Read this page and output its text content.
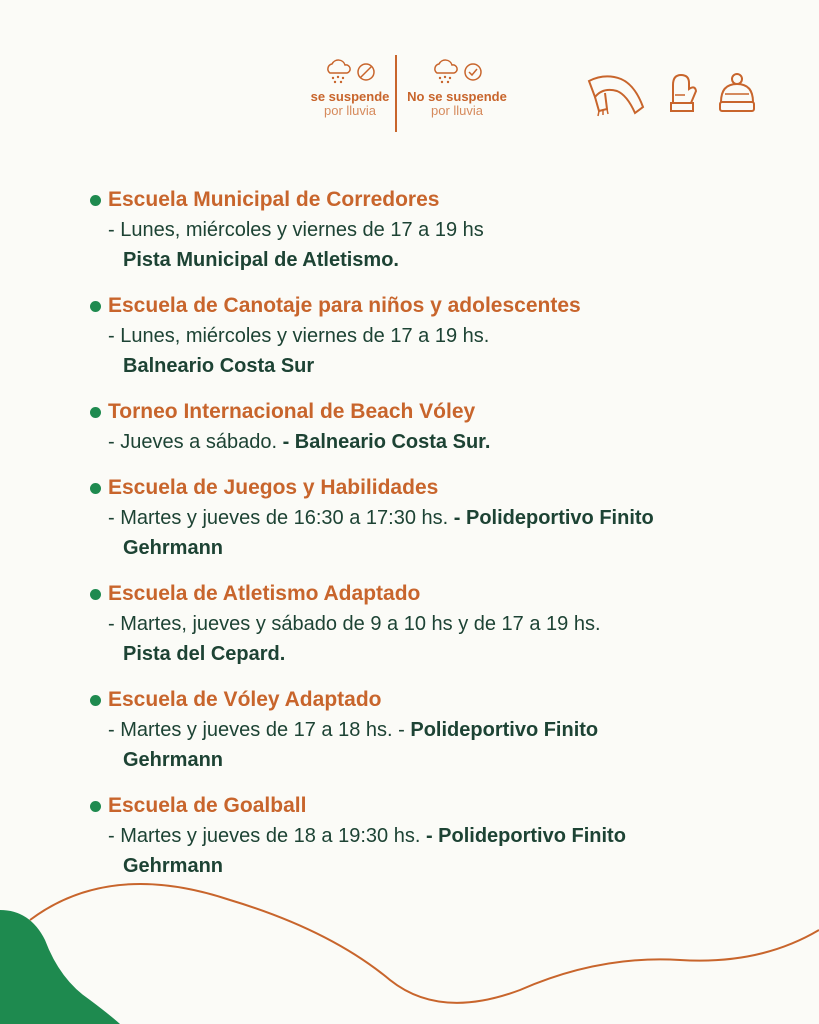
se suspende
por lluvia
No se suspende
por lluvia
Escuela Municipal de Corredores
- Lunes, miércoles y viernes de 17 a 19 hs
Pista Municipal de Atletismo.
Escuela de Canotaje para niños y adolescentes
- Lunes, miércoles y viernes de 17 a 19 hs.
Balneario Costa Sur
Torneo Internacional de Beach Vóley
- Jueves a sábado. - Balneario Costa Sur.
Escuela de Juegos y Habilidades
- Martes y jueves de 16:30 a 17:30 hs. - Polideportivo Finito
Gehrmann
Escuela de Atletismo Adaptado
- Martes, jueves y sábado de 9 a 10 hs y de 17 a 19 hs.
Pista del Cepard.
Escuela de Vóley Adaptado
- Martes y jueves de 17 a 18 hs. - Polideportivo Finito
Gehrmann
Escuela de Goalball
- Martes y jueves de 18 a 19:30 hs. - Polideportivo Finito
Gehrmann
